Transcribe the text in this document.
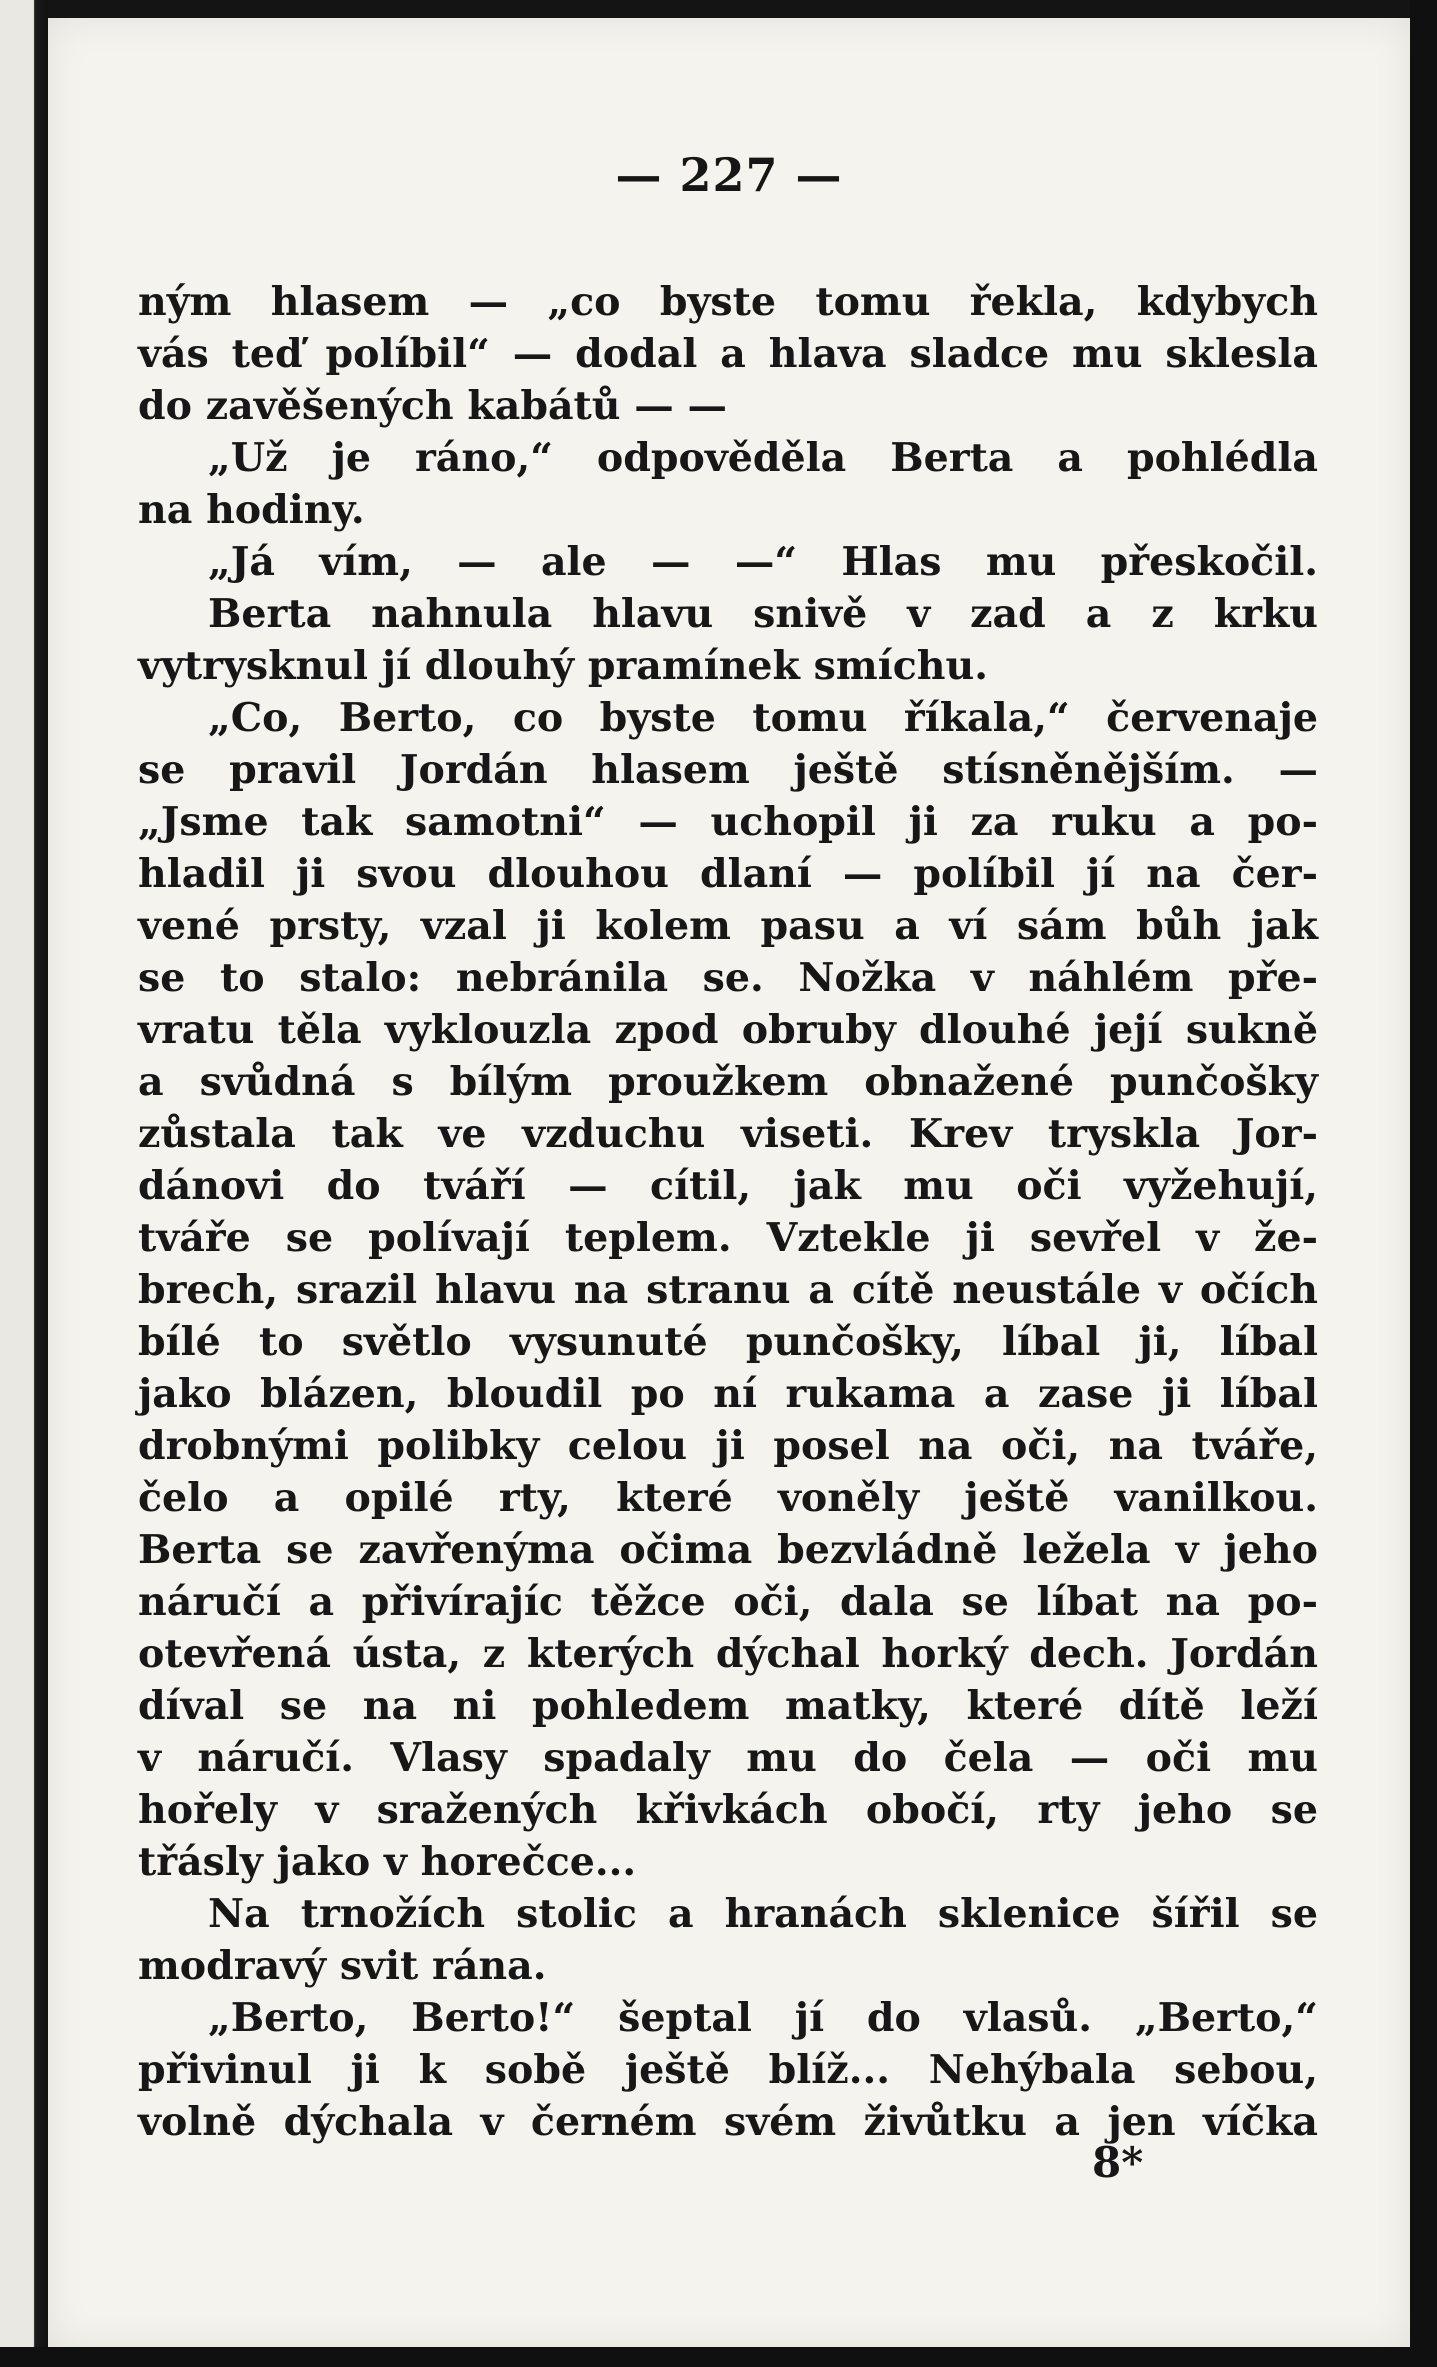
— 227 —
ným hlasem — „co byste tomu řekla, kdybych
vás teď políbil“ — dodal a hlava sladce mu sklesla
do zavěšených kabátů — —
„Už je ráno,“ odpověděla Berta a pohlédla
na hodiny.
„Já vím, — ale — —“ Hlas mu přeskočil.
Berta nahnula hlavu snivě v zad a z krku
vytrysknul jí dlouhý pramínek smíchu.
„Co, Berto, co byste tomu říkala,“ červenaje
se pravil Jordán hlasem ještě stísněnějším. —
„Jsme tak samotni“ — uchopil ji za ruku a po-
hladil ji svou dlouhou dlaní — políbil jí na čer-
vené prsty, vzal ji kolem pasu a ví sám bůh jak
se to stalo: nebránila se. Nožka v náhlém pře-
vratu těla vyklouzla zpod obruby dlouhé její sukně
a svůdná s bílým proužkem obnažené punčošky
zůstala tak ve vzduchu viseti. Krev tryskla Jor-
dánovi do tváří — cítil, jak mu oči vyžehují,
tváře se polívají teplem. Vztekle ji sevřel v že-
brech, srazil hlavu na stranu a cítě neustále v očích
bílé to světlo vysunuté punčošky, líbal ji, líbal
jako blázen, bloudil po ní rukama a zase ji líbal
drobnými polibky celou ji posel na oči, na tváře,
čelo a opilé rty, které voněly ještě vanilkou.
Berta se zavřenýma očima bezvládně ležela v jeho
náručí a přivírajíc těžce oči, dala se líbat na po-
otevřená ústa, z kterých dýchal horký dech. Jordán
díval se na ni pohledem matky, které dítě leží
v náručí. Vlasy spadaly mu do čela — oči mu
hořely v sražených křivkách obočí, rty jeho se
třásly jako v horečce...
Na trnožích stolic a hranách sklenice šířil se
modravý svit rána.
„Berto, Berto!“ šeptal jí do vlasů. „Berto,“
přivinul ji k sobě ještě blíž... Nehýbala sebou,
volně dýchala v černém svém živůtku a jen víčka
8*
